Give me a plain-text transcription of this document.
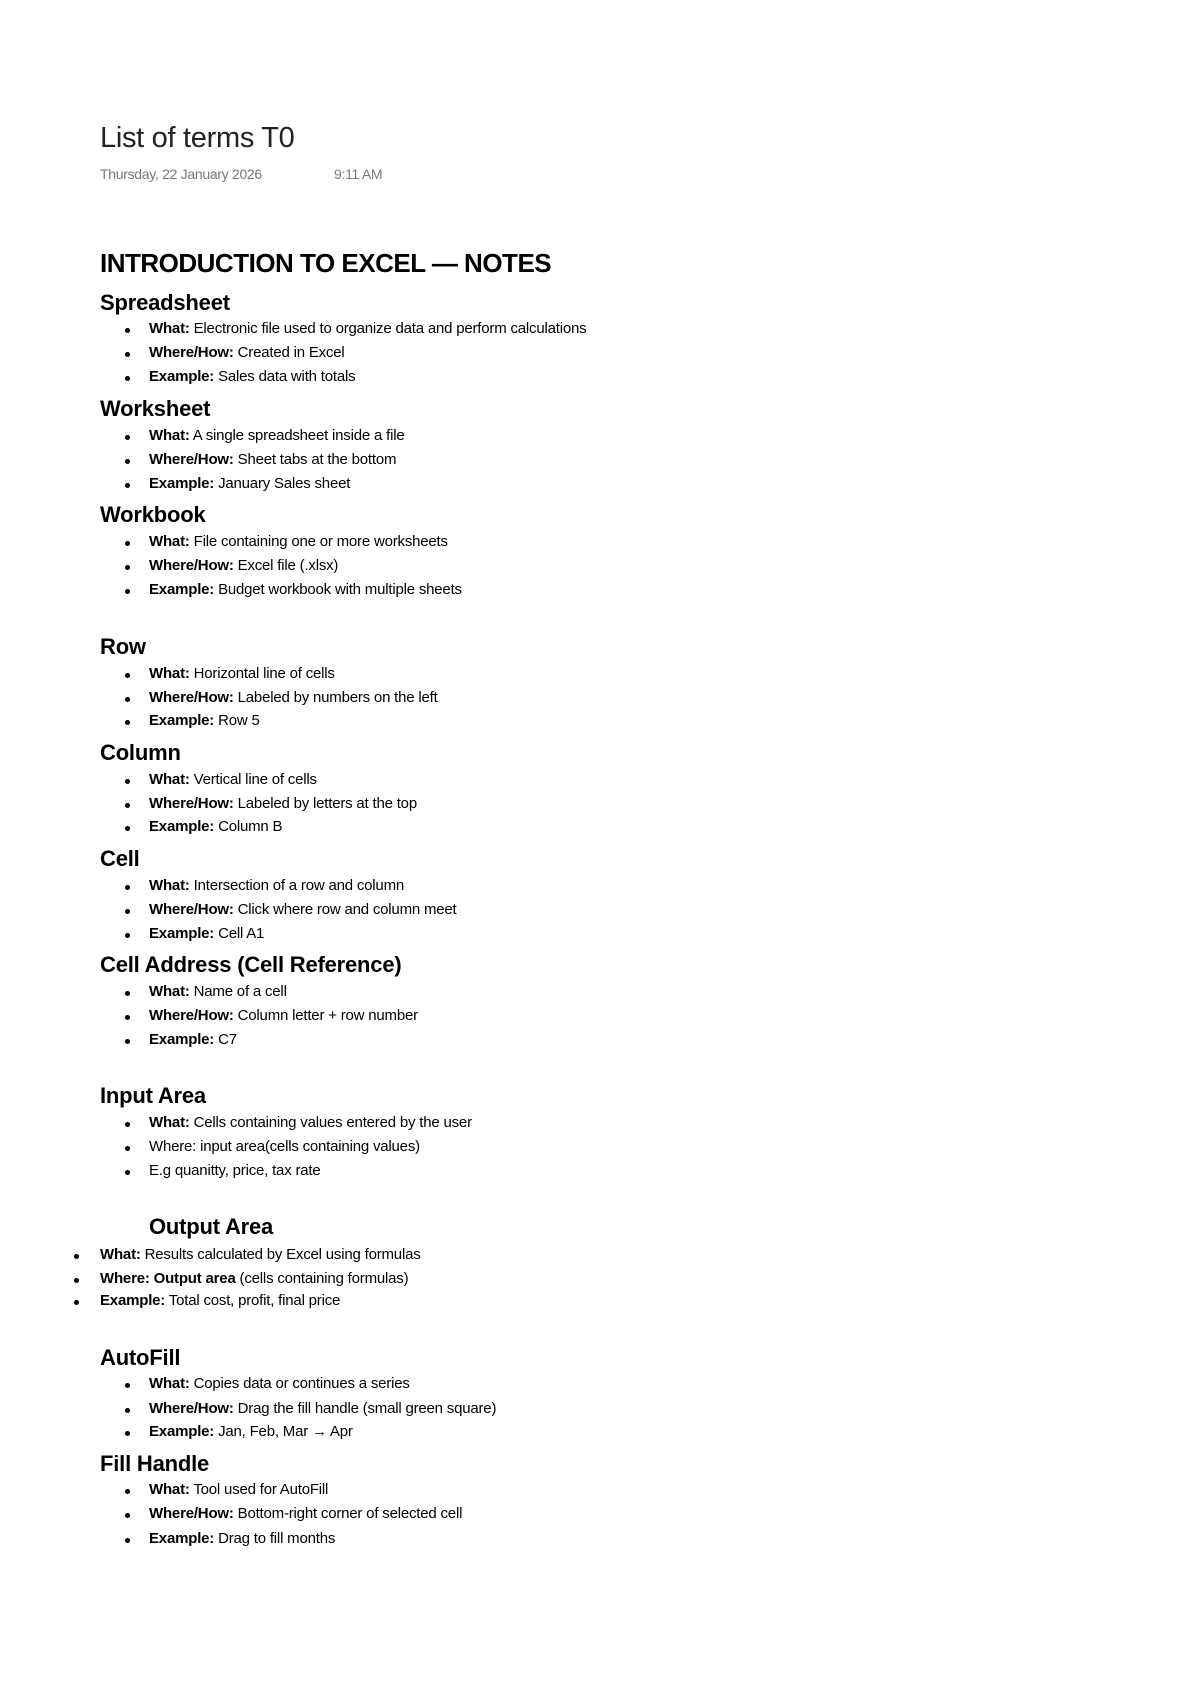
List of terms T0
Thursday, 22 January 2026	9:11 AM
INTRODUCTION TO EXCEL — NOTES
Spreadsheet
What: Electronic file used to organize data and perform calculations
Where/How: Created in Excel
Example: Sales data with totals
Worksheet
What: A single spreadsheet inside a file
Where/How: Sheet tabs at the bottom
Example: January Sales sheet
Workbook
What: File containing one or more worksheets
Where/How: Excel file (.xlsx)
Example: Budget workbook with multiple sheets
Row
What: Horizontal line of cells
Where/How: Labeled by numbers on the left
Example: Row 5
Column
What: Vertical line of cells
Where/How: Labeled by letters at the top
Example: Column B
Cell
What: Intersection of a row and column
Where/How: Click where row and column meet
Example: Cell A1
Cell Address (Cell Reference)
What: Name of a cell
Where/How: Column letter + row number
Example: C7
Input Area
What: Cells containing values entered by the user
Where: input area(cells containing values)
E.g quanitty, price, tax rate
Output Area
What: Results calculated by Excel using formulas
Where: Output area (cells containing formulas)
Example: Total cost, profit, final price
AutoFill
What: Copies data or continues a series
Where/How: Drag the fill handle (small green square)
Example: Jan, Feb, Mar → Apr
Fill Handle
What: Tool used for AutoFill
Where/How: Bottom-right corner of selected cell
Example: Drag to fill months
